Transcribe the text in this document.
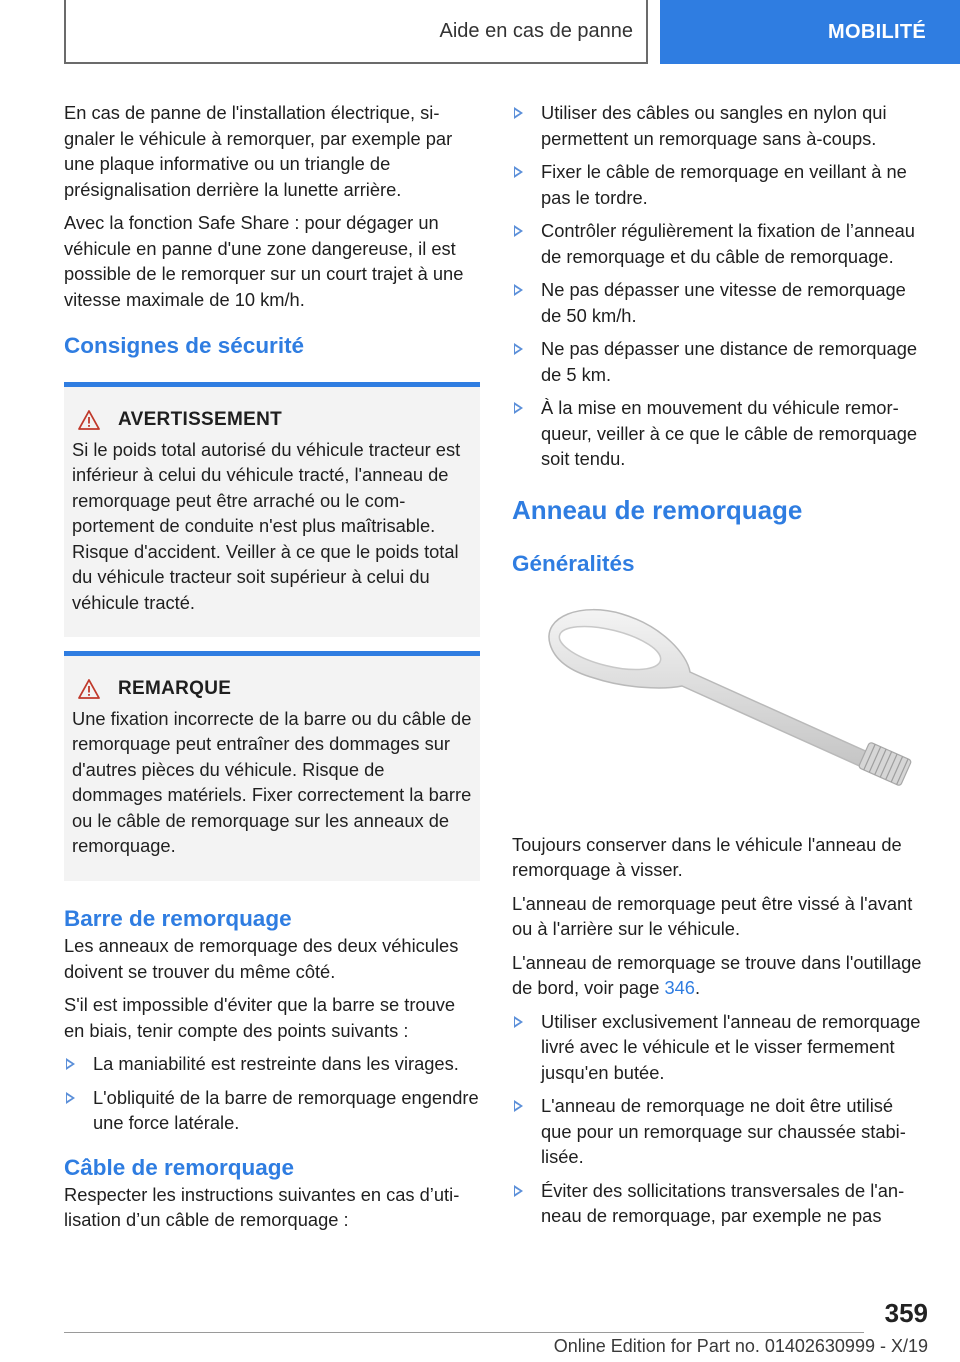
Aide en cas de panne	MOBILITÉ

En cas de panne de l'installation électrique, signaler le véhicule à remorquer, par exemple par une plaque informative ou un triangle de présignalisation derrière la lunette arrière.

Avec la fonction Safe Share : pour dégager un véhicule en panne d'une zone dangereuse, il est possible de le remorquer sur un court trajet à une vitesse maximale de 10 km/h.

Consignes de sécurité
AVERTISSEMENT
Si le poids total autorisé du véhicule tracteur est inférieur à celui du véhicule tracté, l'anneau de remorquage peut être arraché ou le comportement de conduite n'est plus maîtrisable. Risque d'accident. Veiller à ce que le poids total du véhicule tracteur soit supérieur à celui du véhicule tracté.
REMARQUE
Une fixation incorrecte de la barre ou du câble de remorquage peut entraîner des dommages sur d'autres pièces du véhicule. Risque de dommages matériels. Fixer correctement la barre ou le câble de remorquage sur les anneaux de remorquage.
Barre de remorquage

Les anneaux de remorquage des deux véhicules doivent se trouver du même côté.

S'il est impossible d'éviter que la barre se trouve en biais, tenir compte des points suivants :

La maniabilité est restreinte dans les virages.
L'obliquité de la barre de remorquage engendre une force latérale.
Câble de remorquage

Respecter les instructions suivantes en cas d’utilisation d’un câble de remorquage :

Utiliser des câbles ou sangles en nylon qui permettent un remorquage sans à-coups.
Fixer le câble de remorquage en veillant à ne pas le tordre.
Contrôler régulièrement la fixation de l’anneau de remorquage et du câble de remorquage.
Ne pas dépasser une vitesse de remorquage de 50 km/h.
Ne pas dépasser une distance de remorquage de 5 km.
À la mise en mouvement du véhicule remorqueur, veiller à ce que le câble de remorquage soit tendu.
Anneau de remorquage
Généralités

Toujours conserver dans le véhicule l'anneau de remorquage à visser.

L'anneau de remorquage peut être vissé à l'avant ou à l'arrière sur le véhicule.

L'anneau de remorquage se trouve dans l'outillage de bord, voir page 346.

Utiliser exclusivement l'anneau de remorquage livré avec le véhicule et le visser fermement jusqu'en butée.
L'anneau de remorquage ne doit être utilisé que pour un remorquage sur chaussée stabilisée.
Éviter des sollicitations transversales de l'anneau de remorquage, par exemple ne pas
359
Online Edition for Part no. 01402630999 - X/19
